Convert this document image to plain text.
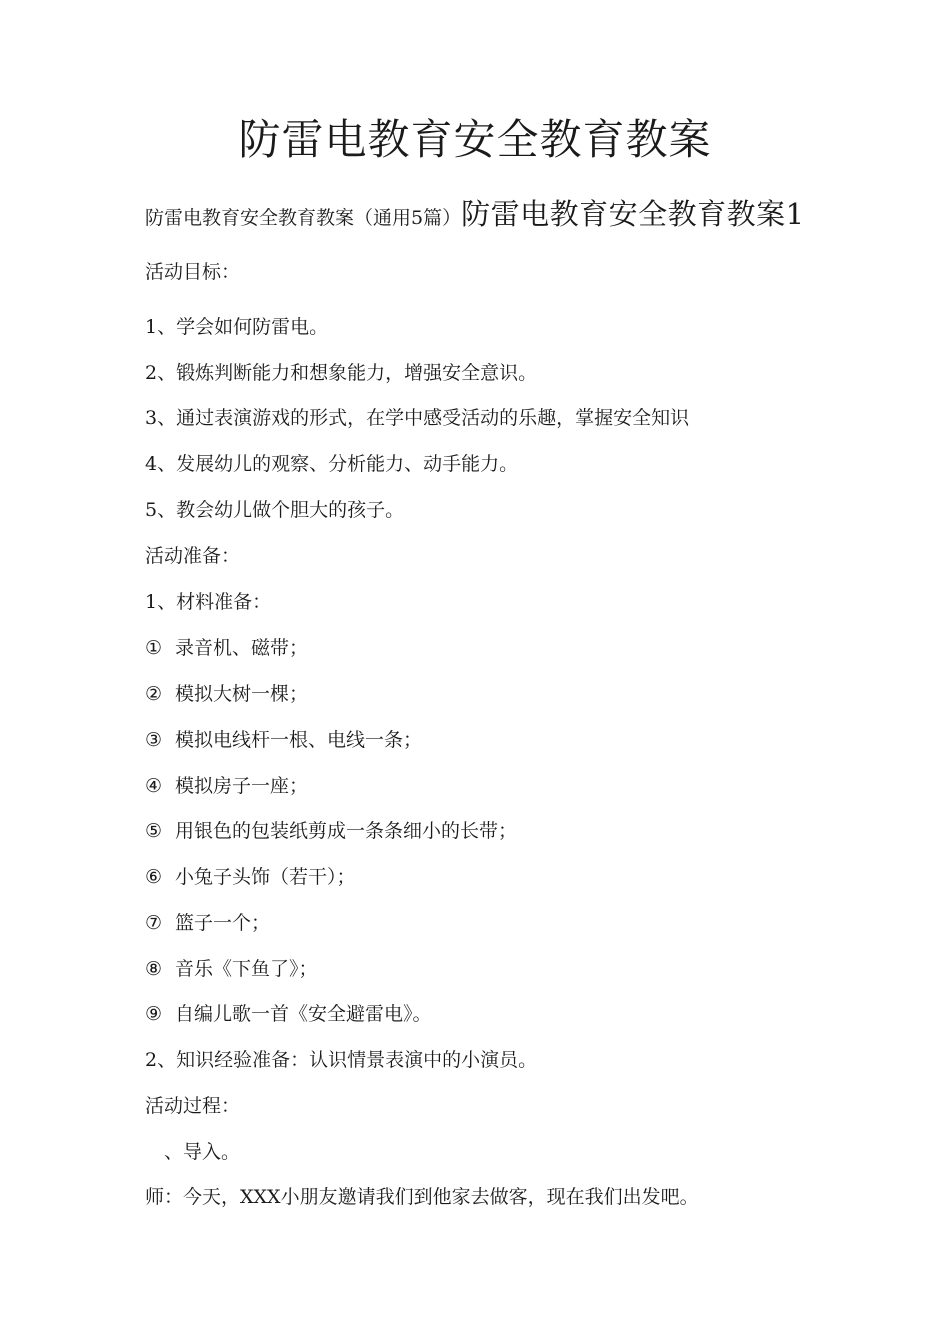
防雷电教育安全教育教案
防雷电教育安全教育教案（通用5篇）防雷电教育安全教育教案1
活动目标：
1、学会如何防雷电。
2、锻炼判断能力和想象能力，增强安全意识。
3、通过表演游戏的形式，在学中感受活动的乐趣，掌握安全知识
4、发展幼儿的观察、分析能力、动手能力。
5、教会幼儿做个胆大的孩子。
活动准备：
1、材料准备：
① 录音机、磁带；
② 模拟大树一棵；
③ 模拟电线杆一根、电线一条；
④ 模拟房子一座；
⑤ 用银色的包装纸剪成一条条细小的长带；
⑥ 小兔子头饰（若干）；
⑦ 篮子一个；
⑧ 音乐《下鱼了》；
⑨ 自编儿歌一首《安全避雷电》。
2、知识经验准备：认识情景表演中的小演员。
活动过程：
、导入。
师：今天，XXX小朋友邀请我们到他家去做客，现在我们出发吧。
